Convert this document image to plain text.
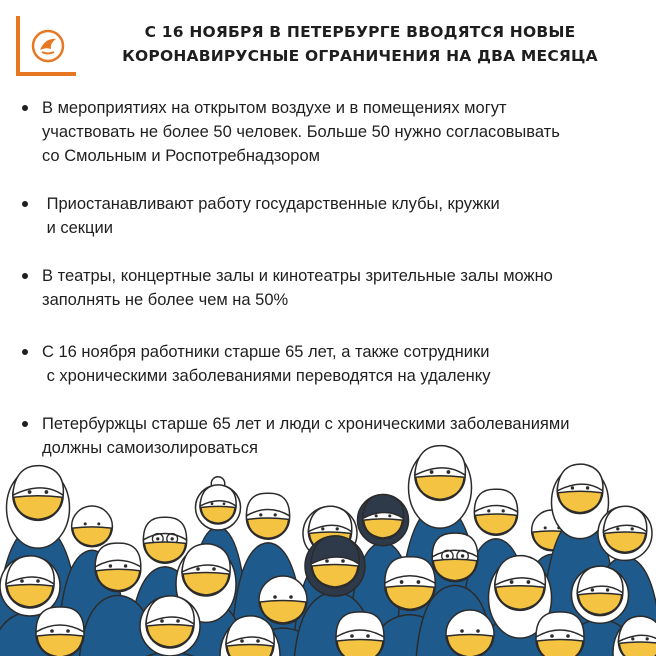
С 16 НОЯБРЯ В ПЕТЕРБУРГЕ ВВОДЯТСЯ НОВЫЕ
КОРОНАВИРУСНЫЕ ОГРАНИЧЕНИЯ НА ДВА МЕСЯЦА
В мероприятиях на открытом воздухе и в помещениях могут
участвовать не более 50 человек. Больше 50 нужно согласовывать
со Смольным и Роспотребнадзором
Приостанавливают работу государственные клубы, кружки
и секции
В театры, концертные залы и кинотеатры зрительные залы можно
заполнять не более чем на 50%
С 16 ноября работники старше 65 лет, а также сотрудники
с хроническими заболеваниями переводятся на удаленку
Петербуржцы старше 65 лет и люди с хроническими заболеваниями
должны самоизолироваться
